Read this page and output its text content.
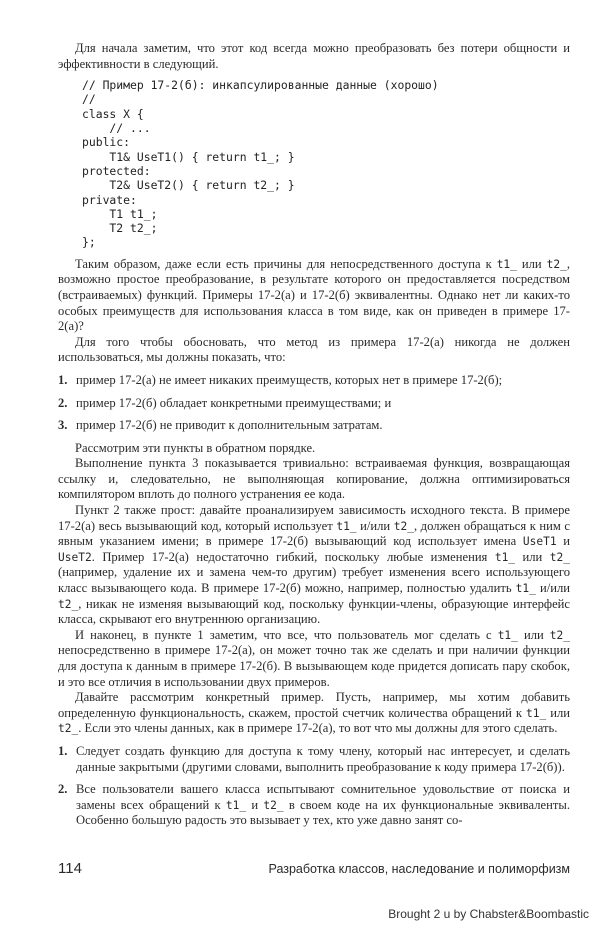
Для начала заметим, что этот код всегда можно преобразовать без потери общности и эффективности в следующий.

// Пример 17-2(б): инкапсулированные данные (хорошо)
//
class X {
// ...
public:
T1& UseT1() { return t1_; }
protected:
T2& UseT2() { return t2_; }
private:
T1 t1_;
T2 t2_;
};

Таким образом, даже если есть причины для непосредственного доступа к t1_ или t2_, возможно простое преобразование, в результате которого он предоставляется посредством (встраиваемых) функций. Примеры 17-2(а) и 17-2(б) эквивалентны. Однако нет ли каких-то особых преимуществ для использования класса в том виде, как он приведен в примере 17-2(а)?

Для того чтобы обосновать, что метод из примера 17-2(а) никогда не должен использоваться, мы должны показать, что:

1. пример 17-2(а) не имеет никаких преимуществ, которых нет в примере 17-2(б);
2. пример 17-2(б) обладает конкретными преимуществами; и
3. пример 17-2(б) не приводит к дополнительным затратам.

Рассмотрим эти пункты в обратном порядке.

Выполнение пункта 3 показывается тривиально: встраиваемая функция, возвращающая ссылку и, следовательно, не выполняющая копирование, должна оптимизироваться компилятором вплоть до полного устранения ее кода.

Пункт 2 также прост: давайте проанализируем зависимость исходного текста. В примере 17-2(а) весь вызывающий код, который использует t1_ и/или t2_, должен обращаться к ним с явным указанием имени; в примере 17-2(б) вызывающий код использует имена UseT1 и UseT2. Пример 17-2(а) недостаточно гибкий, поскольку любые изменения t1_ или t2_ (например, удаление их и замена чем-то другим) требует изменения всего использующего класс вызывающего кода. В примере 17-2(б) можно, например, полностью удалить t1_ и/или t2_, никак не изменяя вызывающий код, поскольку функции-члены, образующие интерфейс класса, скрывают его внутреннюю организацию.

И наконец, в пункте 1 заметим, что все, что пользователь мог сделать с t1_ или t2_ непосредственно в примере 17-2(а), он может точно так же сделать и при наличии функции для доступа к данным в примере 17-2(б). В вызывающем коде придется дописать пару скобок, и это все отличия в использовании двух примеров.

Давайте рассмотрим конкретный пример. Пусть, например, мы хотим добавить определенную функциональность, скажем, простой счетчик количества обращений к t1_ или t2_. Если это члены данных, как в примере 17-2(а), то вот что мы должны для этого сделать.

1. Следует создать функцию для доступа к тому члену, который нас интересует, и сделать данные закрытыми (другими словами, выполнить преобразование к коду примера 17-2(б)).
2. Все пользователи вашего класса испытывают сомнительное удовольствие от поиска и замены всех обращений к t1_ и t2_ в своем коде на их функциональные эквиваленты. Особенно большую радость это вызывает у тех, кто уже давно занят со-
114	Разработка классов, наследование и полиморфизм
Brought 2 u by Chabster&Boombastic
